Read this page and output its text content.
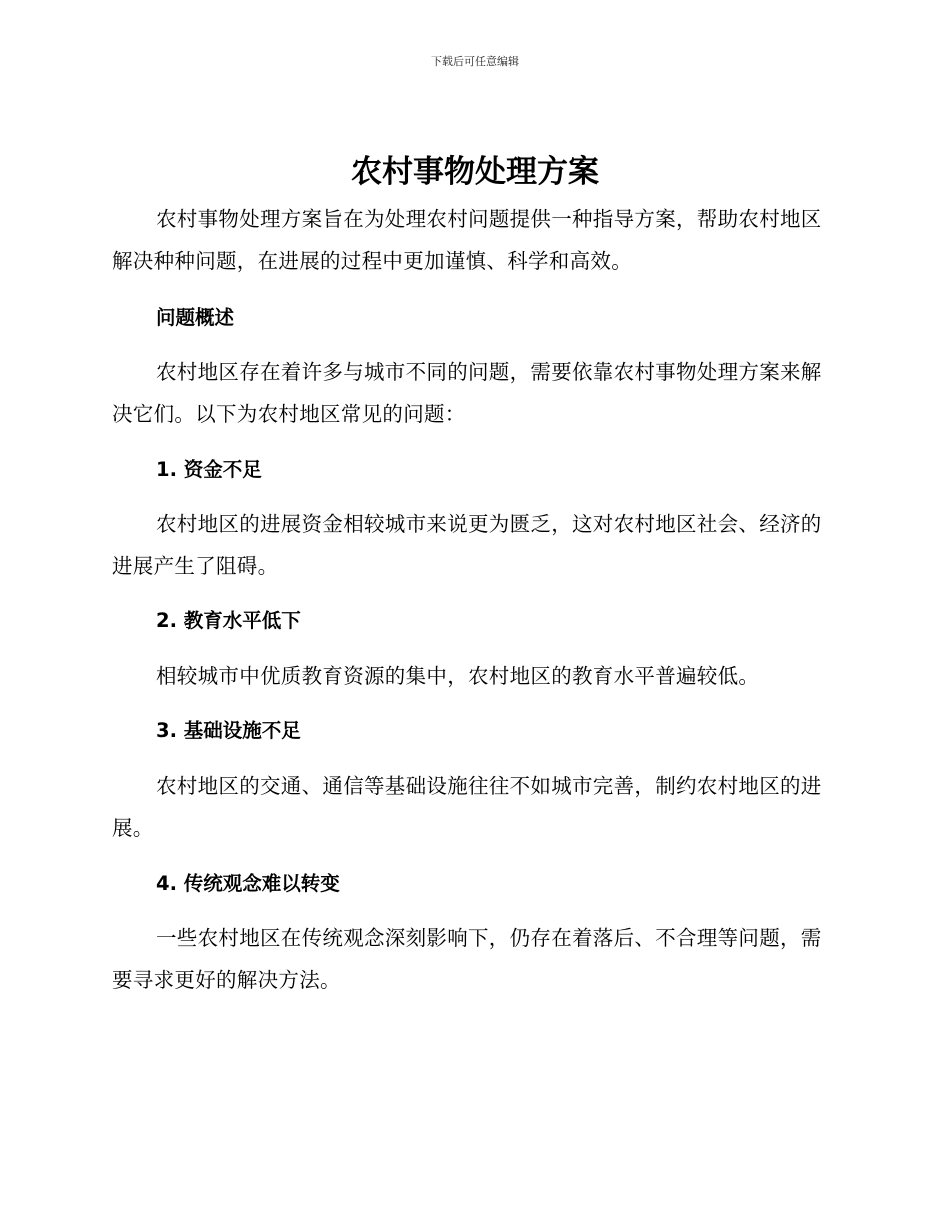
下载后可任意编辑
农村事物处理方案

农村事物处理方案旨在为处理农村问题提供一种指导方案，帮助农村地区解决种种问题，在进展的过程中更加谨慎、科学和高效。

问题概述

农村地区存在着许多与城市不同的问题，需要依靠农村事物处理方案来解决它们。以下为农村地区常见的问题：

1. 资金不足

农村地区的进展资金相较城市来说更为匮乏，这对农村地区社会、经济的进展产生了阻碍。

2. 教育水平低下

相较城市中优质教育资源的集中，农村地区的教育水平普遍较低。

3. 基础设施不足

农村地区的交通、通信等基础设施往往不如城市完善，制约农村地区的进展。

4. 传统观念难以转变

一些农村地区在传统观念深刻影响下，仍存在着落后、不合理等问题，需要寻求更好的解决方法。
